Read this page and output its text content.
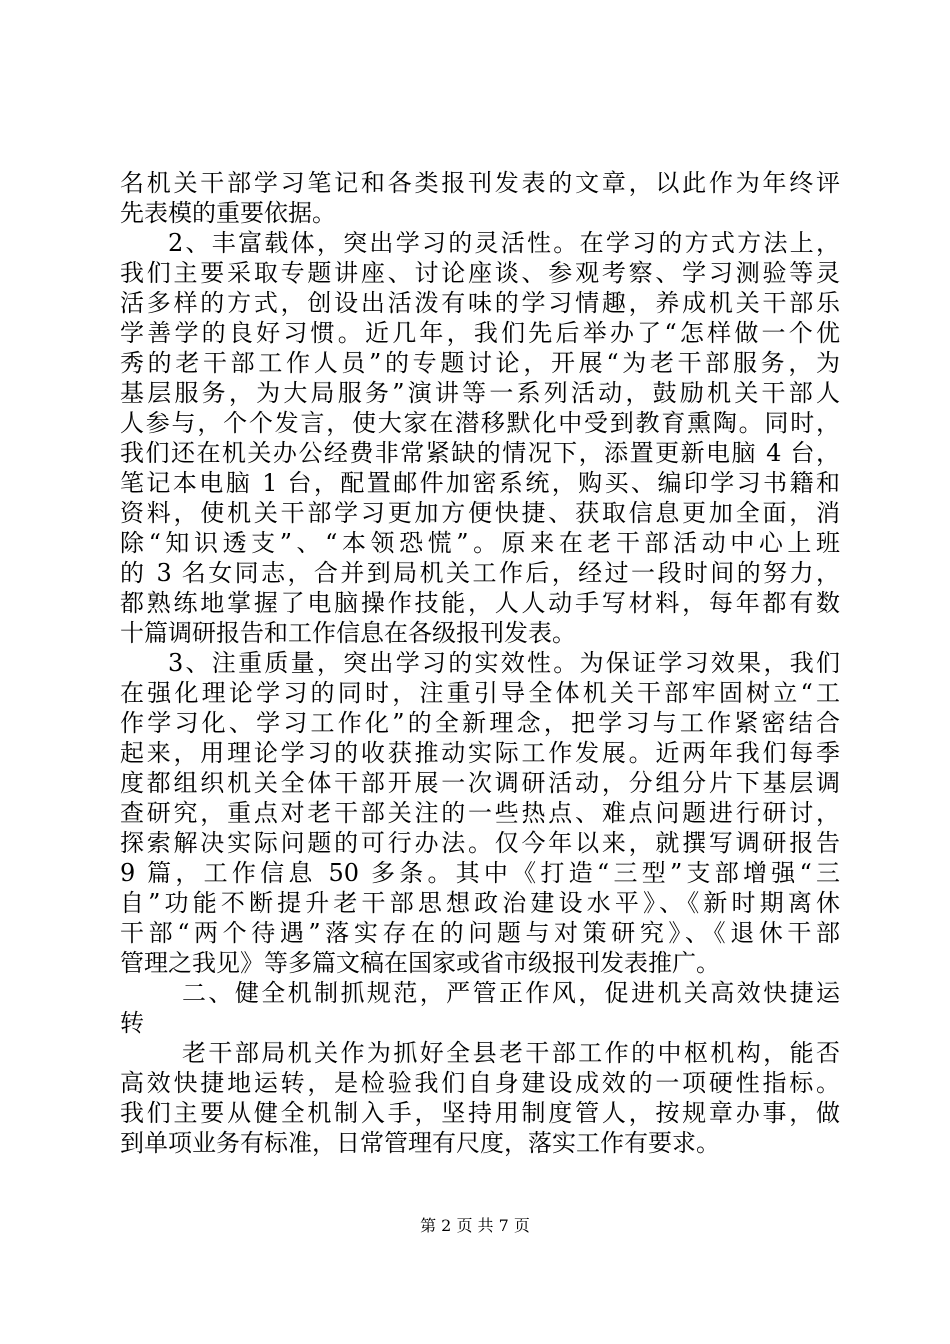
名机关干部学习笔记和各类报刊发表的文章，以此作为年终评
先表模的重要依据。
2、丰富载体，突出学习的灵活性。在学习的方式方法上，
我们主要采取专题讲座、讨论座谈、参观考察、学习测验等灵
活多样的方式，创设出活泼有味的学习情趣，养成机关干部乐
学善学的良好习惯。近几年，我们先后举办了“怎样做一个优
秀的老干部工作人员”的专题讨论，开展“为老干部服务，为
基层服务，为大局服务”演讲等一系列活动，鼓励机关干部人
人参与，个个发言，使大家在潜移默化中受到教育熏陶。同时，
我们还在机关办公经费非常紧缺的情况下，添置更新电脑 4 台，
笔记本电脑 1 台，配置邮件加密系统，购买、编印学习书籍和
资料，使机关干部学习更加方便快捷、获取信息更加全面，消
除“知识透支”、“本领恐慌”。原来在老干部活动中心上班
的 3 名女同志，合并到局机关工作后，经过一段时间的努力，
都熟练地掌握了电脑操作技能，人人动手写材料，每年都有数
十篇调研报告和工作信息在各级报刊发表。
3、注重质量，突出学习的实效性。为保证学习效果，我们
在强化理论学习的同时，注重引导全体机关干部牢固树立“工
作学习化、学习工作化”的全新理念，把学习与工作紧密结合
起来，用理论学习的收获推动实际工作发展。近两年我们每季
度都组织机关全体干部开展一次调研活动，分组分片下基层调
查研究，重点对老干部关注的一些热点、难点问题进行研讨，
探索解决实际问题的可行办法。仅今年以来，就撰写调研报告
9 篇，工作信息 50 多条。其中《打造“三型”支部增强“三
自”功能不断提升老干部思想政治建设水平》、《新时期离休
干部“两个待遇”落实存在的问题与对策研究》、《退休干部
管理之我见》等多篇文稿在国家或省市级报刊发表推广。
二、健全机制抓规范，严管正作风，促进机关高效快捷运
转
老干部局机关作为抓好全县老干部工作的中枢机构，能否
高效快捷地运转，是检验我们自身建设成效的一项硬性指标。
我们主要从健全机制入手，坚持用制度管人，按规章办事，做
到单项业务有标准，日常管理有尺度，落实工作有要求。
第 2 页 共 7 页
